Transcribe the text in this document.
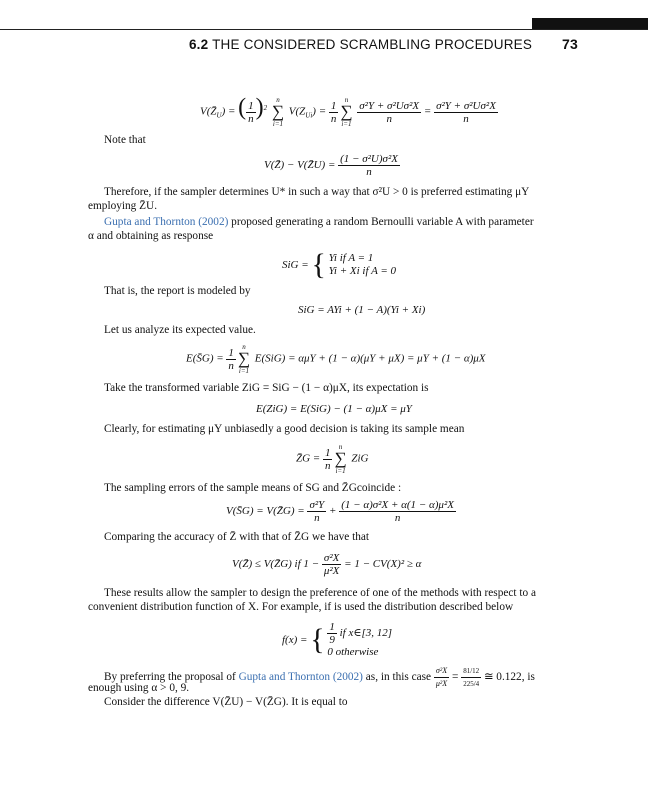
6.2 THE CONSIDERED SCRAMBLING PROCEDURES 73
$V(Z̄_U)$ = ( $\frac{1}{n} )^2$
n
∑
i=1
$V(Z_{Ui}) = \frac{1}{n}$ n
∑
i=1
$\frac{\text{σ²Y + σ²Uσ²X}}{n} = \frac{\text{σ²Y + σ²Uσ²X}}{n}$
Note that
V(Z̄) − V(Z̄U) = $\frac{\text{(1 − σ²U)σ²X}}{n}$
Therefore, if the sampler determines U* in such a way that σ²U > 0 is preferred estimating μY
employing Z̄U.
Gupta and Thornton (2002) proposed generating a random Bernoulli variable A with parameter
α and obtaining as response
SiG = { Yi if A = 1
Yi + Xi if A = 0
That is, the report is modeled by
SiG = AYi + (1 − A)(Yi + Xi)
Let us analyze its expected value.
E(S̄G) = $\frac{1}{n}$ n
∑
i=1
E(SiG) = αμY + (1 − α)(μY + μX) = μY + (1 − α)μX
Take the transformed variable ZiG = SiG − (1 − α)μX, its expectation is
E(ZiG) = E(SiG) − (1 − α)μX = μY
Clearly, for estimating μY unbiasedly a good decision is taking its sample mean
Z̄G = $\frac{1}{n}$ n
∑
i=1
ZiG
The sampling errors of the sample means of SG and Z̄Gcoincide :
V(S̄G) = V(Z̄G) = $\frac{\text{σ²Y}}{n} + \frac{\text{(1 − α)σ²X + α(1 − α)μ²X}}{n}$
Comparing the accuracy of Z̄ with that of Z̄G we have that
V(Z̄) ≤ V(Z̄G) if $1 - \frac{\text{σ²X}}{\text{μ²X}} = 1 - CV(X)^2 \ge \alpha$
These results allow the sampler to design the preference of one of the methods with respect to a
convenient distribution function of X. For example, if is used the distribution described below
f(x) = { $\frac{1}{9}$ if x∈[3, 12]
0 otherwise
By preferring the proposal of Gupta and Thornton (2002) as, in this case $\frac{\text{σ²X}}{\text{μ²X}} = \frac{81/12}{225/4}$ ≅ 0.122, is
enough using α > 0, 9.
Consider the difference V(Z̄U) − V(Z̄G). It is equal to
